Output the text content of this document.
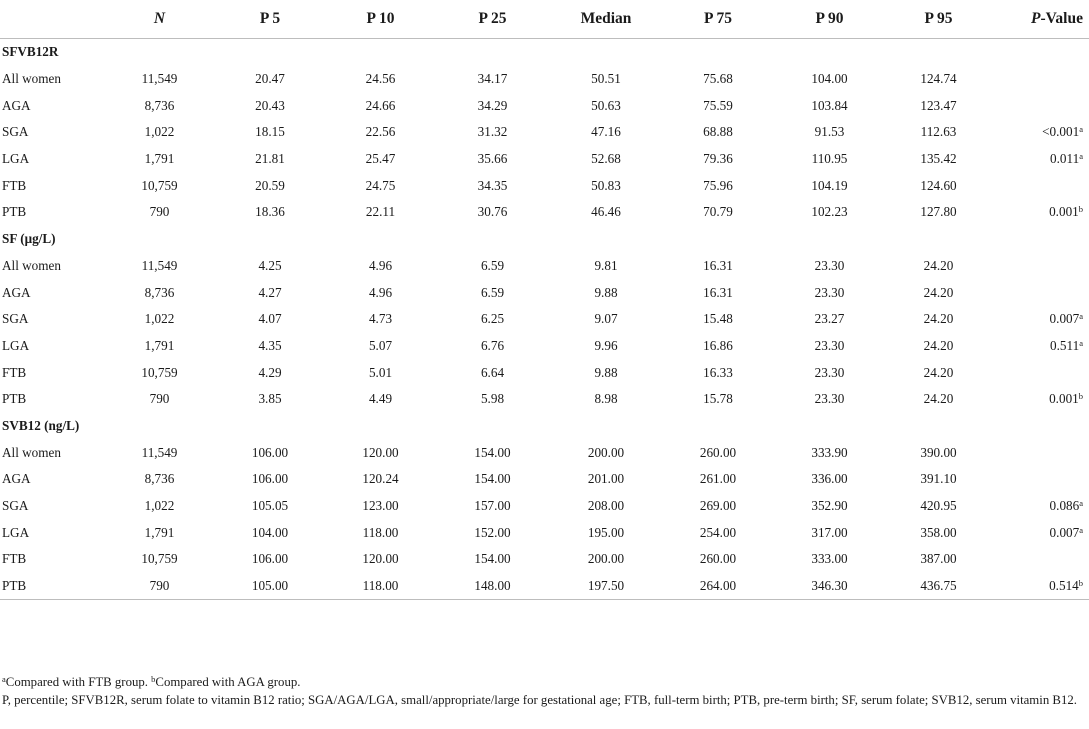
	N	P 5	P 10	P 25	Median	P 75	P 90	P 95	P-Value
SFVB12R									
All women	11,549	20.47	24.56	34.17	50.51	75.68	104.00	124.74	
AGA	8,736	20.43	24.66	34.29	50.63	75.59	103.84	123.47	
SGA	1,022	18.15	22.56	31.32	47.16	68.88	91.53	112.63	<0.001$^a$
LGA	1,791	21.81	25.47	35.66	52.68	79.36	110.95	135.42	0.011$^a$
FTB	10,759	20.59	24.75	34.35	50.83	75.96	104.19	124.60	
PTB	790	18.36	22.11	30.76	46.46	70.79	102.23	127.80	0.001$^b$
SF (μg/L)									
All women	11,549	4.25	4.96	6.59	9.81	16.31	23.30	24.20	
AGA	8,736	4.27	4.96	6.59	9.88	16.31	23.30	24.20	
SGA	1,022	4.07	4.73	6.25	9.07	15.48	23.27	24.20	0.007$^a$
LGA	1,791	4.35	5.07	6.76	9.96	16.86	23.30	24.20	0.511$^a$
FTB	10,759	4.29	5.01	6.64	9.88	16.33	23.30	24.20	
PTB	790	3.85	4.49	5.98	8.98	15.78	23.30	24.20	0.001$^b$
SVB12 (ng/L)									
All women	11,549	106.00	120.00	154.00	200.00	260.00	333.90	390.00	
AGA	8,736	106.00	120.24	154.00	201.00	261.00	336.00	391.10	
SGA	1,022	105.05	123.00	157.00	208.00	269.00	352.90	420.95	0.086$^a$
LGA	1,791	104.00	118.00	152.00	195.00	254.00	317.00	358.00	0.007$^a$
FTB	10,759	106.00	120.00	154.00	200.00	260.00	333.00	387.00	
PTB	790	105.00	118.00	148.00	197.50	264.00	346.30	436.75	0.514$^b$

$^a$Compared with FTB group. $^b$Compared with AGA group.

P, percentile; SFVB12R, serum folate to vitamin B12 ratio; SGA/AGA/LGA, small/appropriate/large for gestational age; FTB, full-term birth; PTB, pre-term birth; SF, serum folate; SVB12, serum vitamin B12.
